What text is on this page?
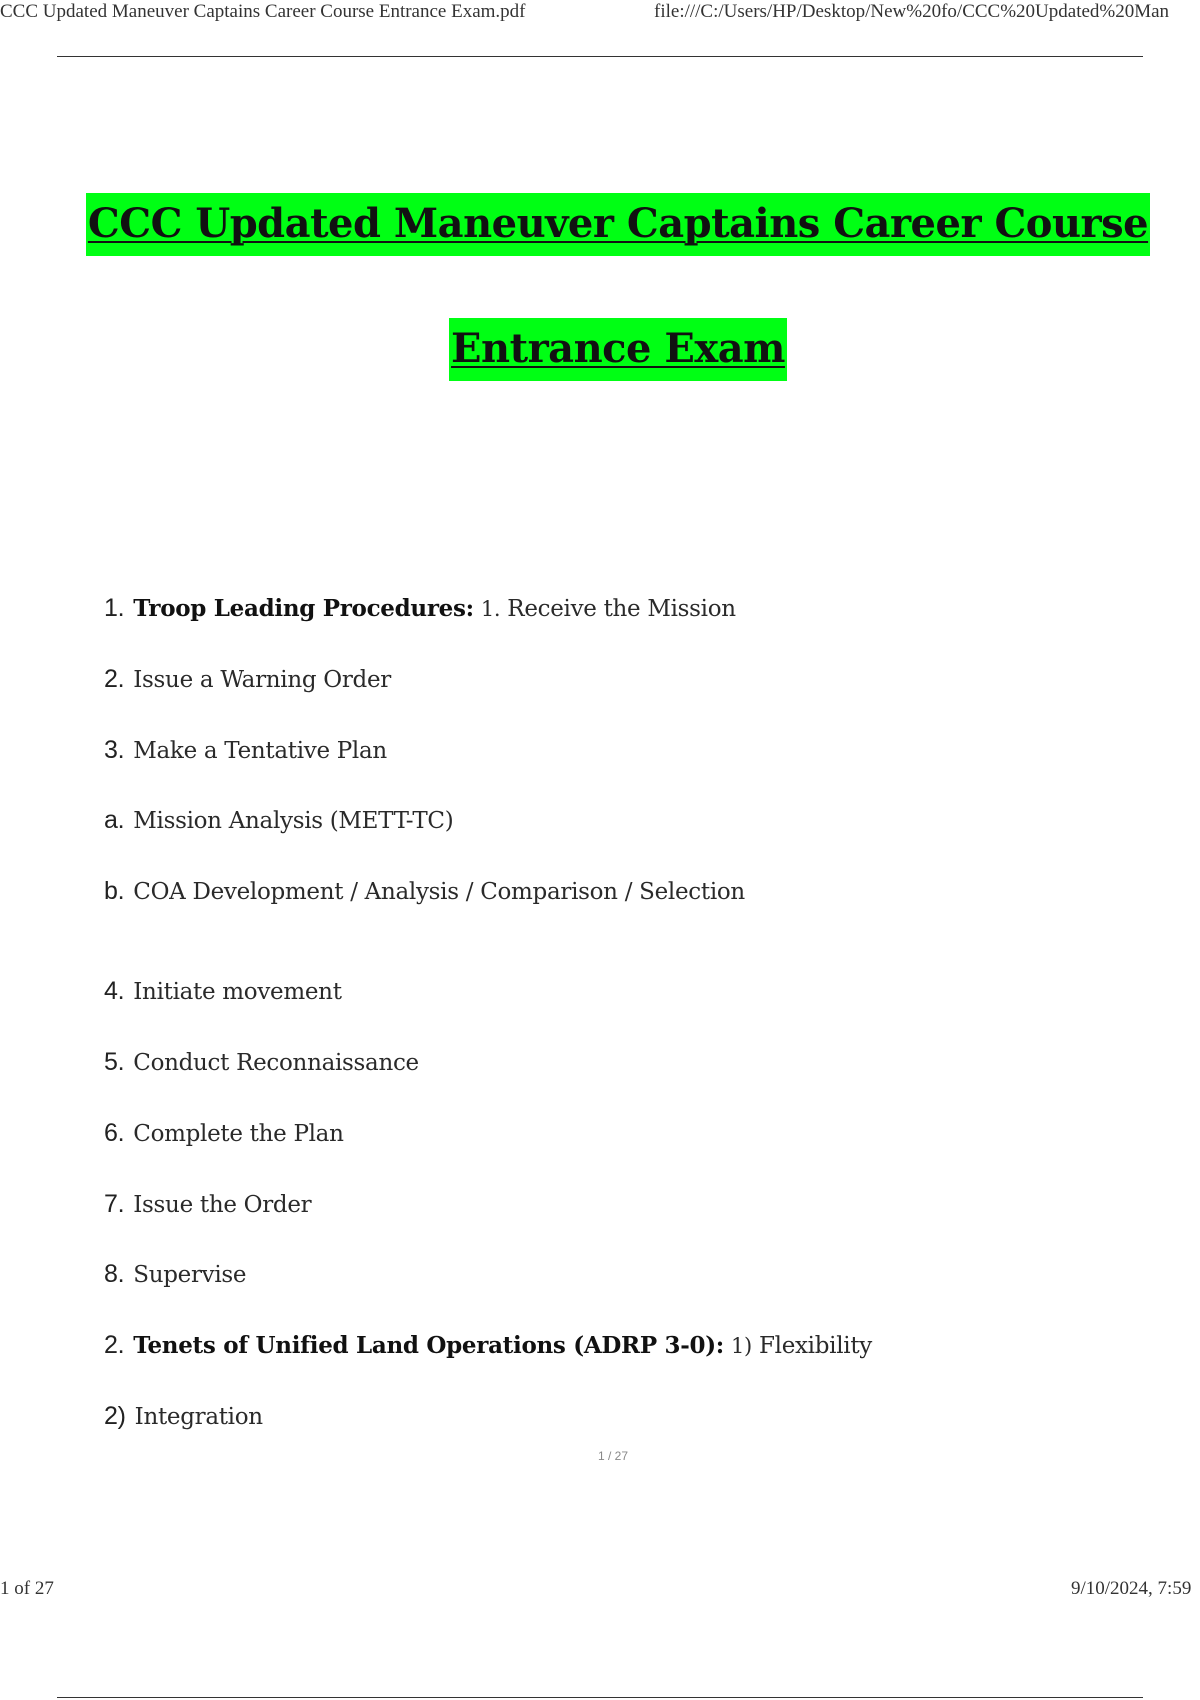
CCC Updated Maneuver Captains Career Course Entrance Exam.pdf	file:///C:/Users/HP/Desktop/New%20fo/CCC%20Updated%20Man
CCC Updated Maneuver Captains Career Course
Entrance Exam
1. Troop Leading Procedures: 1. Receive the Mission
2. Issue a Warning Order
3. Make a Tentative Plan
a. Mission Analysis (METT-TC)
b. COA Development / Analysis / Comparison / Selection
4. Initiate movement
5. Conduct Reconnaissance
6. Complete the Plan
7. Issue the Order
8. Supervise
2. Tenets of Unified Land Operations (ADRP 3-0): 1) Flexibility
2) Integration
1 / 27
1 of 27	9/10/2024, 7:59
